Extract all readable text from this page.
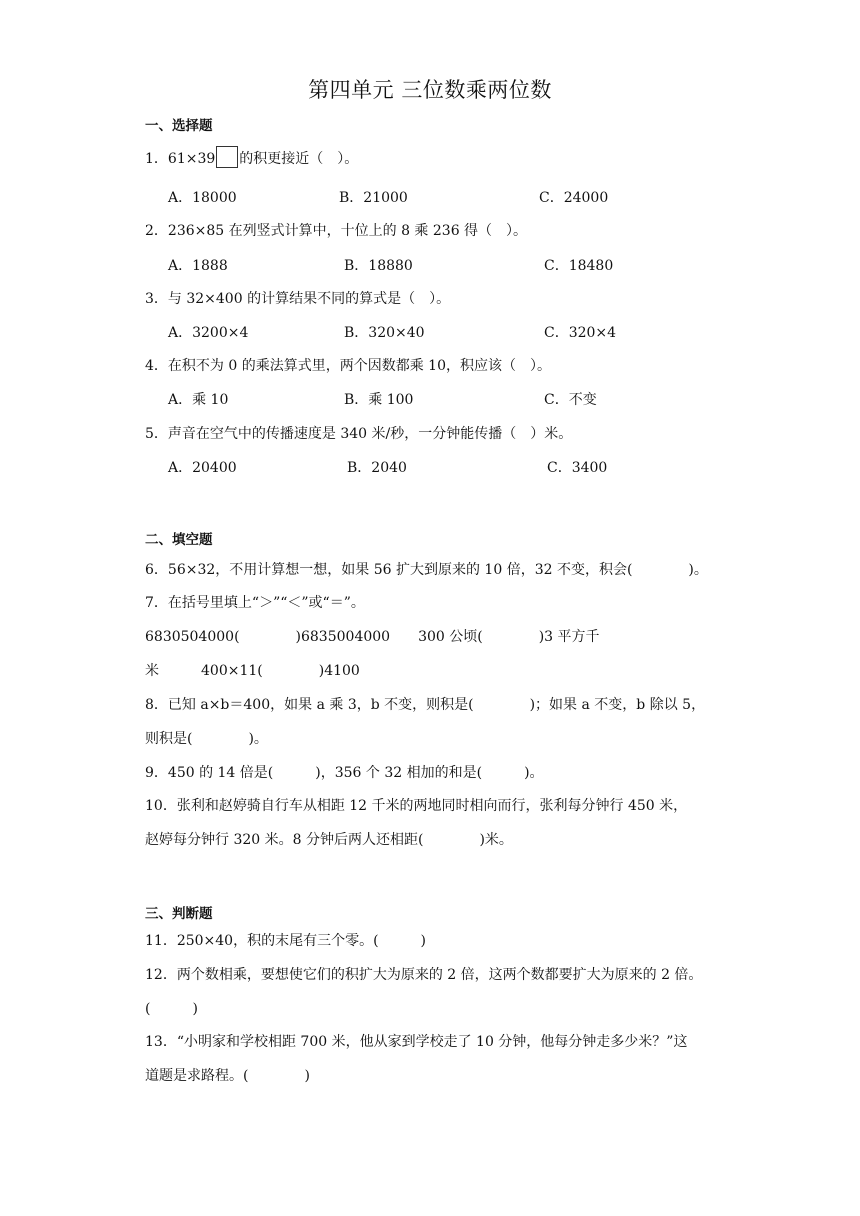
第四单元 三位数乘两位数
一、选择题
1．61×39 的积更接近（　）。
A．18000	B．21000	C．24000
2．236×85 在列竖式计算中，十位上的 8 乘 236 得（　）。
A．1888	B．18880	C．18480
3．与 32×400 的计算结果不同的算式是（　）。
A．3200×4	B．320×40	C．320×4
4．在积不为 0 的乘法算式里，两个因数都乘 10，积应该（　）。
A．乘 10	B．乘 100	C．不变
5．声音在空气中的传播速度是 340 米/秒，一分钟能传播（　）米。
A．20400	B．2040	C．3400
二、填空题
6．56×32，不用计算想一想，如果 56 扩大到原来的 10 倍，32 不变，积会(　　　　)。
7．在括号里填上“＞”“＜”或“＝”。
6830504000(　　　　)6835004000　　300 公顷(　　　　)3 平方千
米　　　400×11(　　　　)4100
8．已知 a×b＝400，如果 a 乘 3，b 不变，则积是(　　　　)；如果 a 不变，b 除以 5，
则积是(　　　　)。
9．450 的 14 倍是(　　　)，356 个 32 相加的和是(　　　)。
10．张利和赵婷骑自行车从相距 12 千米的两地同时相向而行，张利每分钟行 450 米，
赵婷每分钟行 320 米。8 分钟后两人还相距(　　　　)米。
三、判断题
11．250×40，积的末尾有三个零。(　　　)
12．两个数相乘，要想使它们的积扩大为原来的 2 倍，这两个数都要扩大为原来的 2 倍。
(　　　)
13．“小明家和学校相距 700 米，他从家到学校走了 10 分钟，他每分钟走多少米？”这
道题是求路程。(　　　　)
